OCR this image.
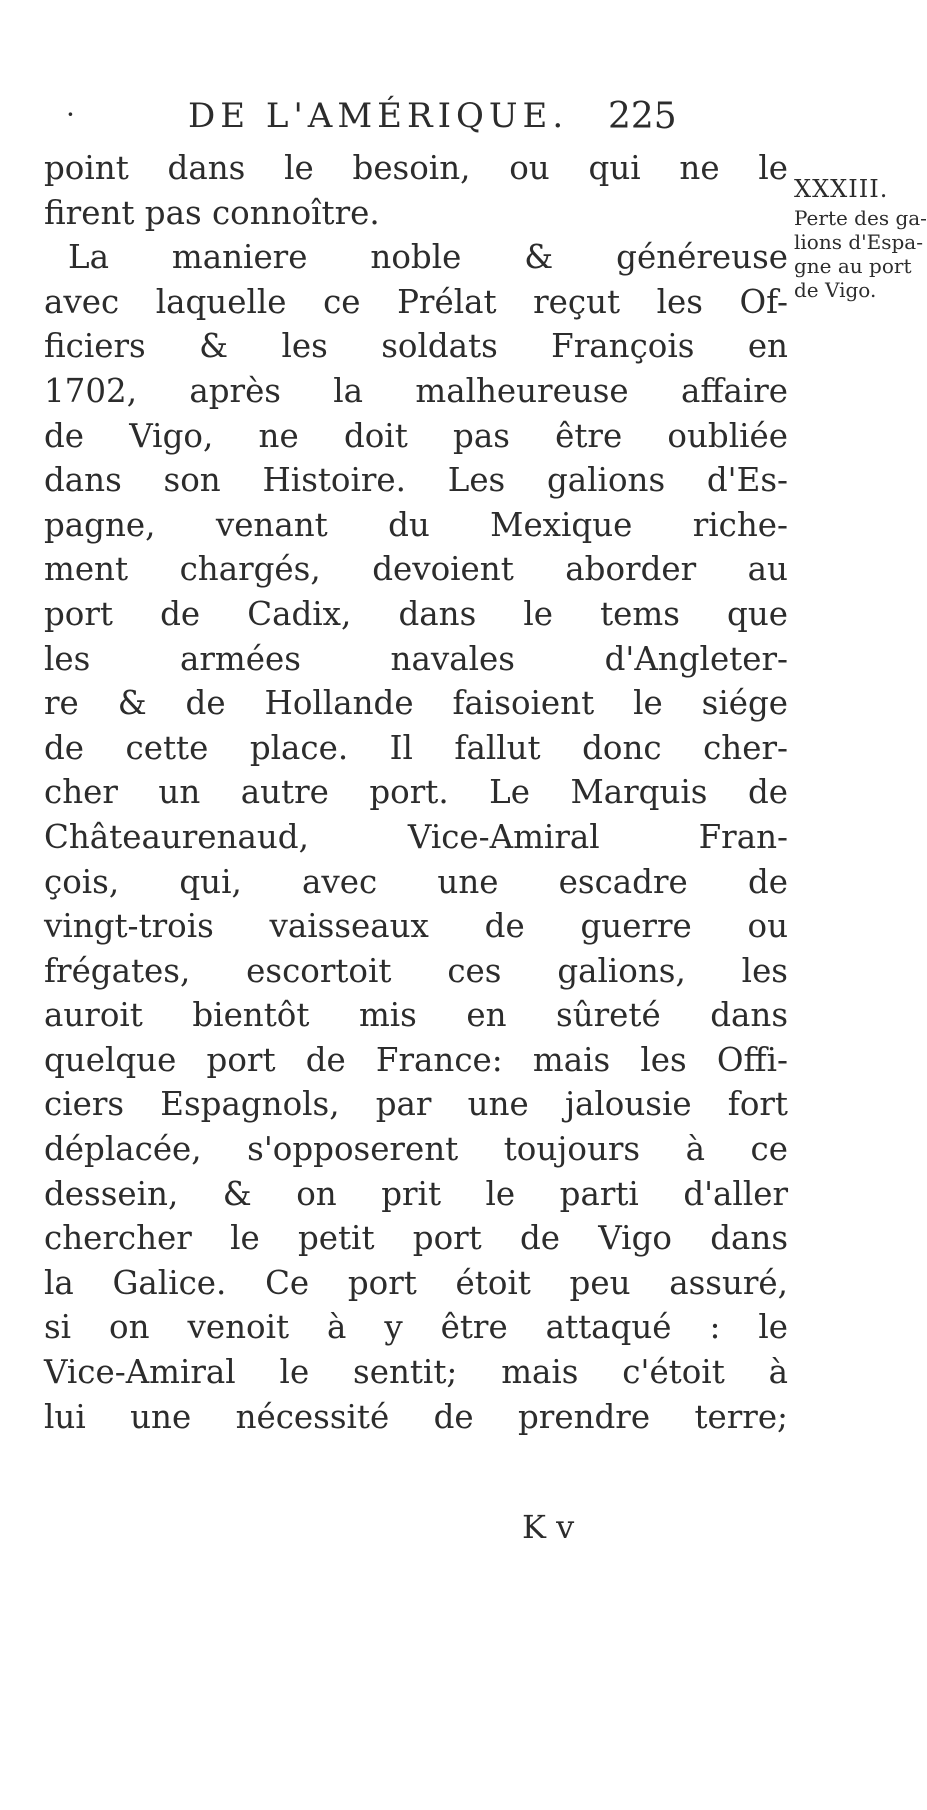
·	DE L'AMÉRIQUE. 225
point dans le besoin, ou qui ne le
firent pas connoître.
La maniere noble & généreuse
avec laquelle ce Prélat reçut les Of-
ficiers & les soldats François en
1702, après la malheureuse affaire
de Vigo, ne doit pas être oubliée
dans son Histoire. Les galions d'Es-
pagne, venant du Mexique riche-
ment chargés, devoient aborder au
port de Cadix, dans le tems que
les armées navales d'Angleter-
re & de Hollande faisoient le siége
de cette place. Il fallut donc cher-
cher un autre port. Le Marquis de
Châteaurenaud, Vice-Amiral Fran-
çois, qui, avec une escadre de
vingt-trois vaisseaux de guerre ou
frégates, escortoit ces galions, les
auroit bientôt mis en sûreté dans
quelque port de France: mais les Offi-
ciers Espagnols, par une jalousie fort
déplacée, s'opposerent toujours à ce
dessein, & on prit le parti d'aller
chercher le petit port de Vigo dans
la Galice. Ce port étoit peu assuré,
si on venoit à y être attaqué : le
Vice-Amiral le sentit; mais c'étoit à
lui une nécessité de prendre terre;
K v
XXXIII.
Perte des ga-
lions d'Espa-
gne au port
de Vigo.
